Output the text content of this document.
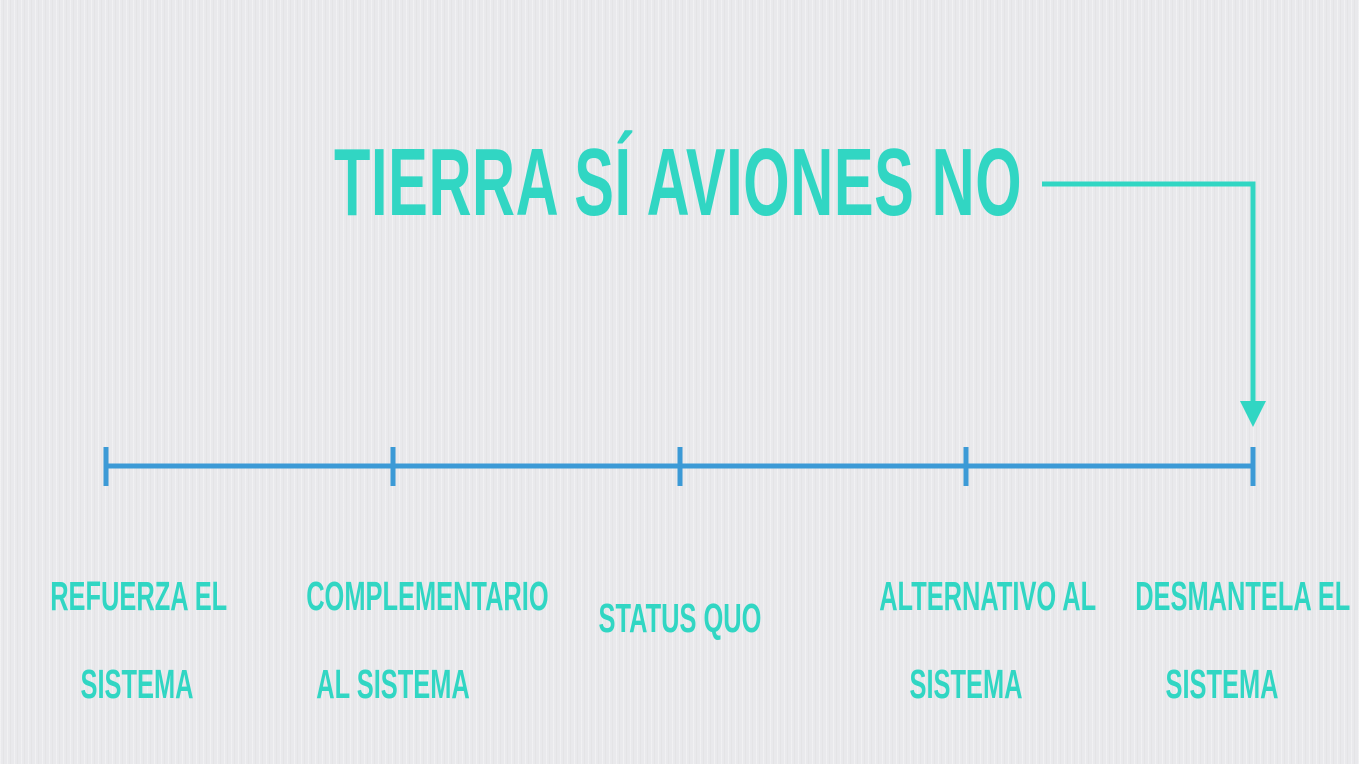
TIERRA SÍ AVIONES NO

REFUERZA EL

SISTEMA

COMPLEMENTARIO

AL SISTEMA

STATUS QUO	ALTERNATIVO AL

SISTEMA

DESMANTELA EL

SISTEMA
